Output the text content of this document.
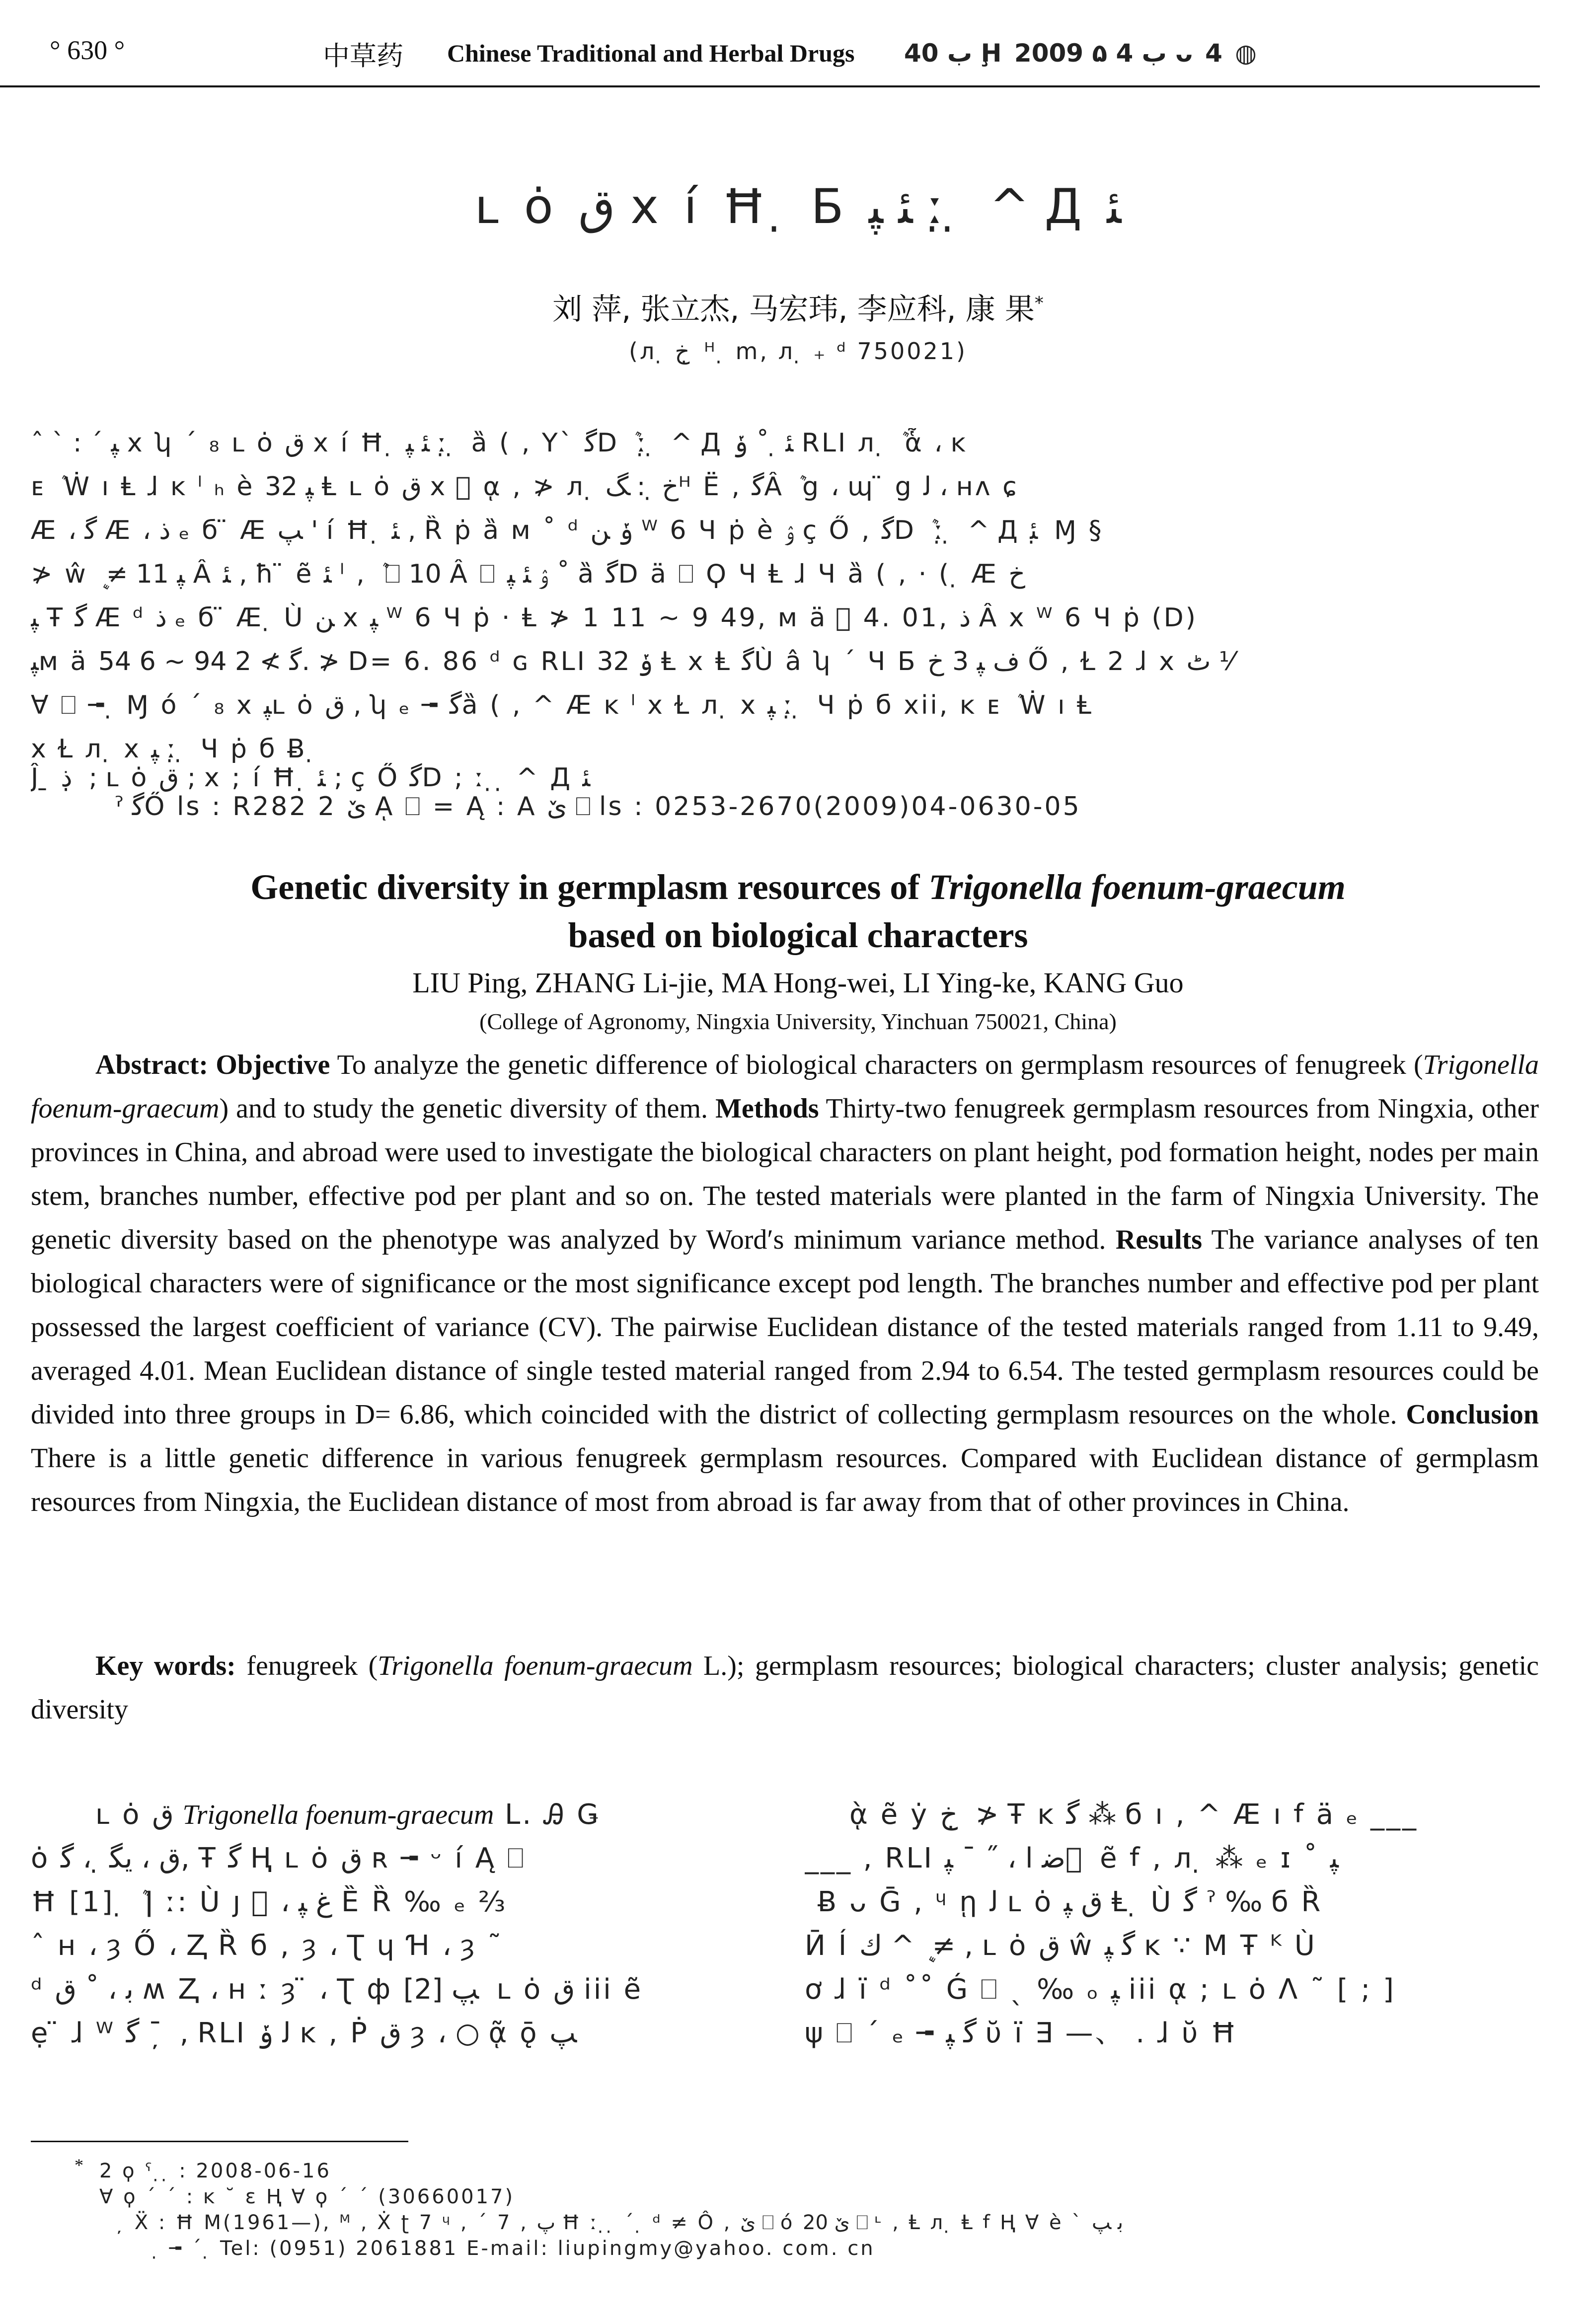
° 630 °	中草药 Chinese Traditional and Herbal Drugs ب 40 Ḩ ب 4 ۵ 2009 ᴗ 4 ◍
ʟ ȯ ق x í Ħ ̣ Б ﺌ ﭙ ː ̣ ̣ ^ Д ﺌ
刘 萍, 张立杰, 马宏玮, 李应科, 康 果*
(л ̣ خ ̣ ᴴ ̣ m, л ̣ ₊ ᵈ 750021)
ˆ ˋ : ˊ ﭙ x ʮ ˊ ₈ ʟ ȯ ق x í Ħ ̣ ﺌ ﭙ ː ̣ ̣ ȁ ( , Y` ﮔD ܶ ː ̣ ̣ ^ Д ﺌ ̣ ˚ ݸ RLI л ̣ ܶ ἇ ، ĸ
ᴇ ܶ Ẇ ı Ⱡ ɺ ĸ ˡ ₕ è ﭙ 32 Ⱡ ʟ ȯ ق x ᷞ ᾳ , ≯ л ̣ خ ̣ : ﮓᴴ Ё , ﮔÂ ܶ g ، ɰ ̈ g ﻟ ، ʜʌ ɕ
Æ ، ﮔ Æ ، ذ ₑ б ̈ Æ ﭗ ' í Ħ ̣ ﺌ , Ȑ ṗ ȁ ᴍ ˚ ᵈ ݸ ﻦ ᵂ 6 Ч ṗ è ﯢ ç Ő , ﮔD ܶ ː ̣ ̣ ^ Д ﺌ ̣ Ɱ §
≯ ŵ ܷ ≠ ﭙ 11 Â ﺌ , ħ ̈ ẽ ﺌ ˡ , ܶ ⎕ 10 Â ⎕ ﯢ ﺌ ﭙ ˚ ȁ ﮔD ä ⎕ Ϙ Ч Ⱡ ɺ Ч ȁ ( , · ( ̣ Æ خ
ﭙ Ŧ ﮔ Æ ᵈ ذ ₑ б ̈ Æ ̣ Ù ﻦ x ﭙ ᵂ 6 Ч ṗ · Ⱡ ≯ 1 11 ~ 9 49, ᴍ ä ᷞ 4. 01, ذ Â x ᵂ 6 Ч ṗ (D)
ﭙᴍ ä ﮔ ≯ 2 94 ~ 6 54. ≯ D= 6. 86 ᵈ ɢ RLI ݸ 32 Ⱡ x Ⱡ ﮔÙ â ʮ ˊ Ч Б ﻑ ﭙ 3 خ Ő , Ɫ 2 ɺ x ﭦ ⅟
Ɐ ⎕ ╼ ̣ Ɱ ó ˊ ₈ x ﭙʟ ȯ ق , ʮ ₑ ╼ ﮔȁ ( , ^ Æ ĸ ˡ x Ɫ л ̣ x ﭙ ː ̣ ̣ Ч ṗ б xii, ĸ ᴇ ܶ Ẇ ı Ⱡ
x Ɫ л ̣ x ﭙ ː ̣ ̣ Ч ṗ б Ƀ ̣
Ĵ ̱ ذ ̣ ; ʟ ȯ ق ; x ; í Ħ ̣ ﺌ ; ç Ő ﮔD ; ː ̣ ̣ ^ Д ﺌ
ˀ ﮔŐ ls : R282 2 ێ ᾼ ⎕ = Ą : A ێ ⎕ ls : 0253-2670(2009)04-0630-05
Genetic diversity in germplasm resources of Trigonella foenum-graecum
based on biological characters
LIU Ping, ZHANG Li-jie, MA Hong-wei, LI Ying-ke, KANG Guo
(College of Agronomy, Ningxia University, Yinchuan 750021, China)

Abstract: Objective To analyze the genetic difference of biological characters on germplasm resources of fenugreek (Trigonella foenum-graecum) and to study the genetic diversity of them. Methods Thirty-two fenugreek germplasm resources from Ningxia, other provinces in China, and abroad were used to investigate the biological characters on plant height, pod formation height, nodes per main stem, branches number, effective pod per plant and so on. The tested materials were planted in the farm of Ningxia University. The genetic diversity based on the phenotype was analyzed by Word′s minimum variance method. Results The variance analyses of ten biological characters were of significance or the most significance except pod length. The branches number and effective pod per plant possessed the largest coefficient of variance (CV). The pairwise Euclidean distance of the tested materials ranged from 1.11 to 9.49, averaged 4.01. Mean Euclidean distance of single tested material ranged from 2.94 to 6.54. The tested germplasm resources could be divided into three groups in D= 6.86, which coincided with the district of collecting germplasm resources on the whole. Conclusion There is a little genetic difference in various fenugreek germplasm resources. Compared with Euclidean distance of germplasm resources from Ningxia, the Euclidean distance of most from abroad is far away from that of other provinces in China.

Key words: fenugreek (Trigonella foenum-graecum L.); germplasm resources; biological characters; cluster analysis; genetic diversity

ʟ ȯ ق Trigonella foenum-graecum L. Ꭿ Ǥ
ȯ ق ، ﻳﮕ ̣̣ ، ﮔ, Ŧ ﮔ Ⱨ ʟ ȯ ق ʀ ╼ ᵕ í Ą ⎕
Ħ [1] ̣ ܶ ǀ ː: Ù ȷ ᷞ ، ﻍ ﭙ Ȅ Ȑ ‰ ₑ ⅔
ˆ ʜ ، ȝ Ő ، Ⱬ Ȑ б , ȝ ، Ʈ ɥ Ɦ ، ȝ ˜
ᵈ ﺑ ، ˚ ق ʍ Ⱬ ، ʜ ː ȝ ̈ ، Ʈ ф ﭗ [2] ̣ ʟ ȯ ق iii ẽ
ẹ ̈ ɺ ᵂ ﮔ ˉ ̦ , RLI ﻟ ݸ ĸ , Ṗ ق ȝ ، ○ ᾷ ǭ ﭗ
ᾲ ẽ ẏ خ ̣ ≯ Ŧ ĸ ﮔ ⁂ б ı , ^ Æ ı ꬵ ä ₑ ___
___ , RLI ﺿ ﺍ ، ˝ ¯ ﭙ ᷞ ẽ ꬵ , л ̣ ⁂ ₑ ɪ ˚ ﭙ
̣ Ƀ ᴗ Ḡ , ᶣ ῃ ﻟ ʟ ȯ ق ﭙ Ⱡ ̣ Ù ﮔ ˀ ‰ б Ȑ
Ӣ Í ك ^ ܷ ≠ , ʟ ȯ ق ŵ ﮔ ﭙ ĸ ∵ M Ŧ ᴷ Ù
ơ ɺ ï ᵈ ˚˚ Ǵ ⎕ ˎ ‰ ₒ ﭙ iii ᾳ ; ʟ ȯ Ʌ ˜ [ ; ]
ψ ⎕ ˊ ₑ ╼ ﮔ ﭙ ῠ ï ∃ —、 . ɺ ῠ Ħ
* 2 ϙ ˤ ̣ ̣ : 2008-06-16
Ɐ ϙ ˊ ˊ : ĸ ˘ ɛ Ⱨ Ɐ ϙ ˊ ˊ (30660017)
̦ Ẍ : Ħ M(1961—), ᴹ , Ẋ ʈ 7 ᶣ , ˊ 7 , ﭖ Ħ ː ̣ ̣ ˊ ̣ ᵈ ≠ Ô , ێ ⎕ ó ێ 20 ⎕ ᶫ , Ⱡ л ̣ Ⱡ ꬵ Ⱨ Ɐ è ˋ ﺑ ﭗ
̣ ╼ ˊ ̣ Tel: (0951) 2061881 E-mail: liupingmy@yahoo. com. cn
